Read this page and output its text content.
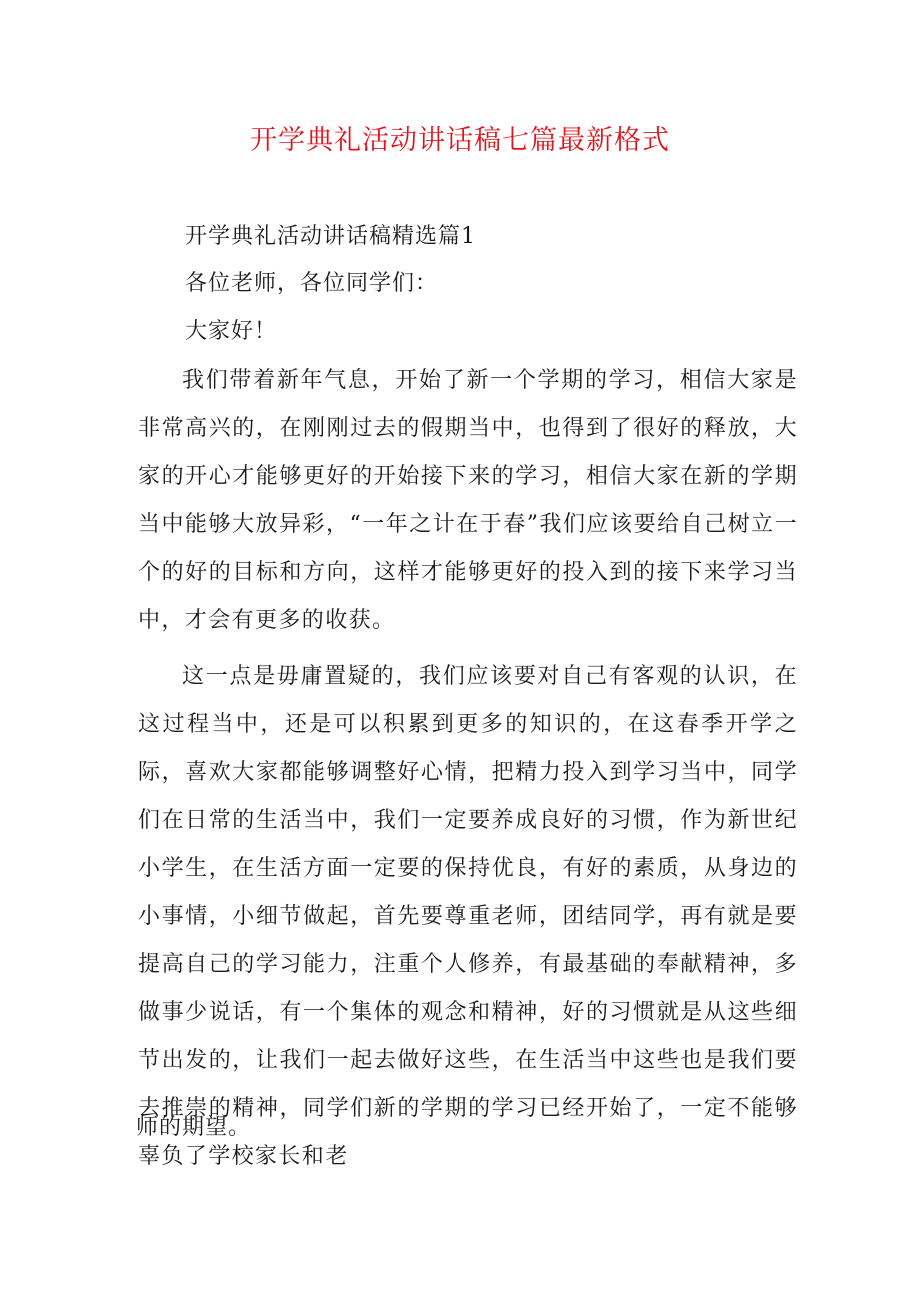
开学典礼活动讲话稿七篇最新格式

开学典礼活动讲话稿精选篇1

各位老师，各位同学们：

大家好！

我们带着新年气息，开始了新一个学期的学习，相信大家是非常高兴的，在刚刚过去的假期当中，也得到了很好的释放，大家的开心才能够更好的开始接下来的学习，相信大家在新的学期当中能够大放异彩，“一年之计在于春”我们应该要给自己树立一个的好的目标和方向，这样才能够更好的投入到的接下来学习当中，才会有更多的收获。

这一点是毋庸置疑的，我们应该要对自己有客观的认识，在这过程当中，还是可以积累到更多的知识的，在这春季开学之际，喜欢大家都能够调整好心情，把精力投入到学习当中，同学们在日常的生活当中，我们一定要养成良好的习惯，作为新世纪小学生，在生活方面一定要的保持优良，有好的素质，从身边的小事情，小细节做起，首先要尊重老师，团结同学，再有就是要提高自己的学习能力，注重个人修养，有最基础的奉献精神，多做事少说话，有一个集体的观念和精神，好的习惯就是从这些细节出发的，让我们一起去做好这些，在生活当中这些也是我们要去推崇的精神，同学们新的学期的学习已经开始了，一定不能够辜负了学校家长和老

师的期望。
